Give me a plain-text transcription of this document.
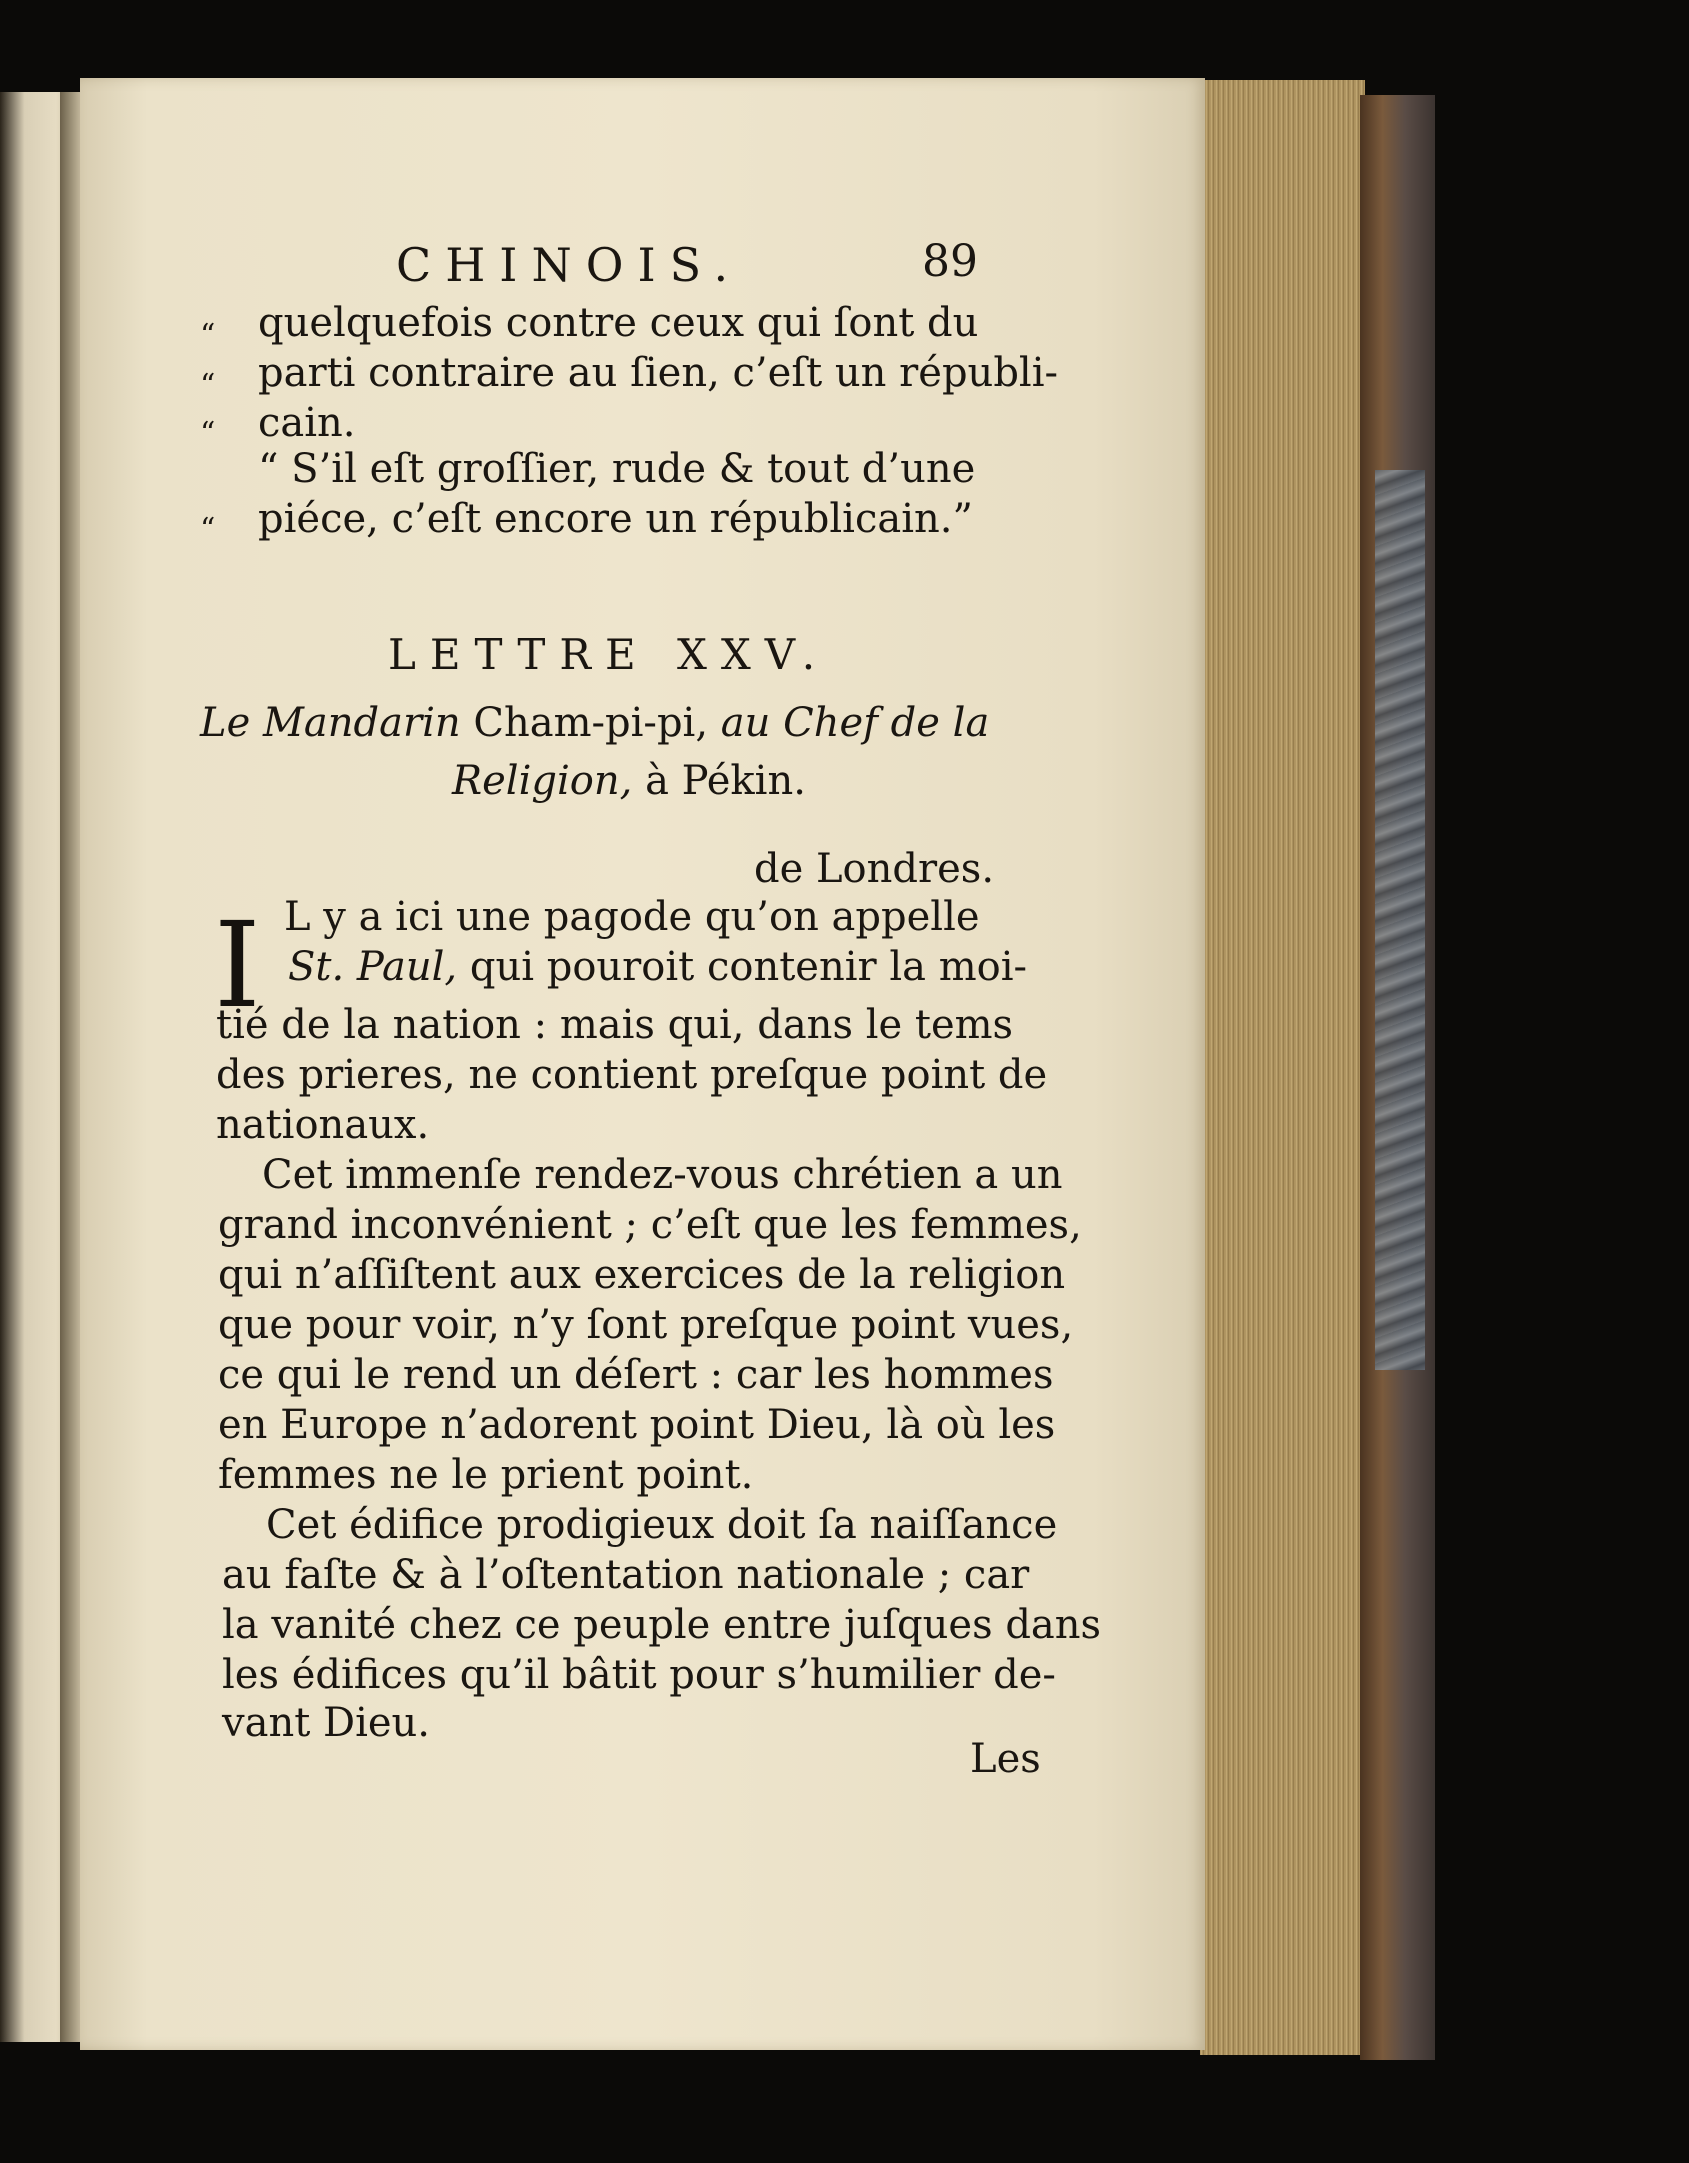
CHINOIS.	89
“ quelquefois contre ceux qui ſont du
“ parti contraire au ſien, c’eſt un républi-
“ cain.
“ S’il eſt groſſier, rude & tout d’une
“ piéce, c’eſt encore un républicain.”
LETTRE XXV.
Le Mandarin Cham-pi-pi, au Chef de la
Religion, à Pékin.
de Londres.
I L y a ici une pagode qu’on appelle
St. Paul, qui pouroit contenir la moi-
tié de la nation : mais qui, dans le tems
des prieres, ne contient preſque point de
nationaux.
Cet immenſe rendez-vous chrétien a un
grand inconvénient ; c’eſt que les femmes,
qui n’aſſiſtent aux exercices de la religion
que pour voir, n’y ſont preſque point vues,
ce qui le rend un déſert : car les hommes
en Europe n’adorent point Dieu, là où les
femmes ne le prient point.
Cet édifice prodigieux doit ſa naiſſance
au faſte & à l’oſtentation nationale ; car
la vanité chez ce peuple entre juſques dans
les édifices qu’il bâtit pour s’humilier de-
vant Dieu.
Les
